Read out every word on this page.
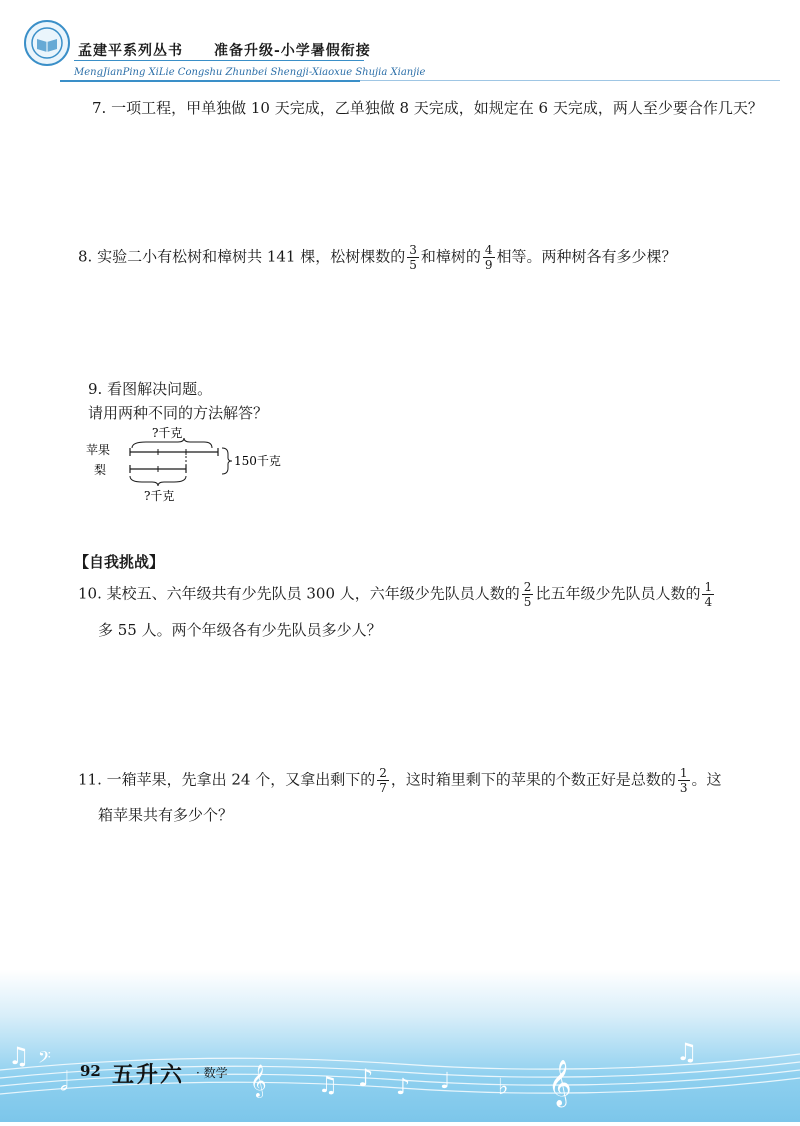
孟建平系列丛书 准备升级-小学暑假衔接
MengJianPing XiLie Congshu Zhunbei Shengji-Xiaoxue Shujia Xianjie
7. 一项工程，甲单独做 10 天完成，乙单独做 8 天完成，如规定在 6 天完成，两人至少要合作几天？
8. 实验二小有松树和樟树共 141 棵，松树棵数的 $\frac{3}{5}$ 和樟树的 $\frac{4}{9}$ 相等。两种树各有多少棵？
9. 看图解决问题。
请用两种不同的方法解答？
?千克
苹果
梨
150千克
?千克
【自我挑战】
10. 某校五、六年级共有少先队员 300 人，六年级少先队员人数的 $\frac{2}{5}$ 比五年级少先队员人数的 $\frac{1}{4}$
多 55 人。两个年级各有少先队员多少人？
11. 一箱苹果，先拿出 24 个，又拿出剩下的 $\frac{2}{7}$ ，这时箱里剩下的苹果的个数正好是总数的 $\frac{1}{3}$ 。这
箱苹果共有多少个？
♫ 𝄢
𝅗𝅥	𝄞 ♫ ♪ ♪ ♩ ♭ 𝄞
♫
92 五升六 · 数学
